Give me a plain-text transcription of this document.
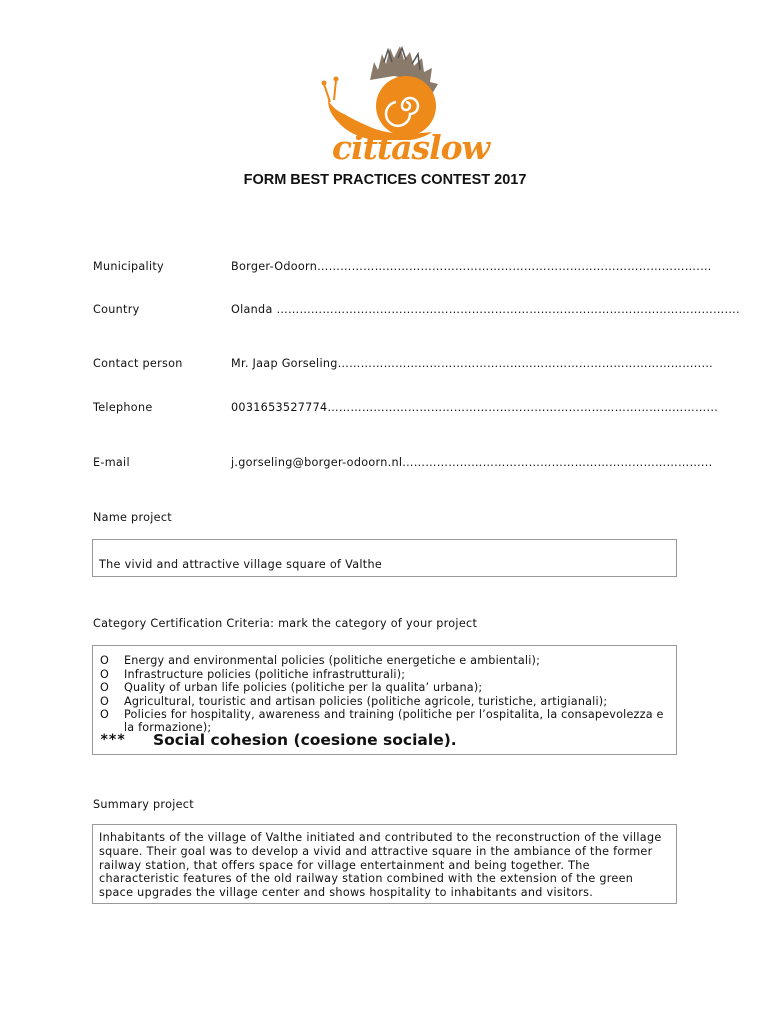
cittaslow
FORM BEST PRACTICES CONTEST 2017
Municipality	Borger-Odoorn……………………………………………………………………………………….…
Country	Olanda ………………………………………………………………………………………………………….
Contact person	Mr. Jaap Gorseling…………………………………………………………………………………..…
Telephone	0031653527774………………………………………………………………………………………...
E-mail	j.gorseling@borger-odoorn.nl……………………………………………………………………...
Name project
The vivid and attractive village square of Valthe
Category Certification Criteria: mark the category of your project
O Energy and environmental policies (politiche energetiche e ambientali);
O Infrastructure policies (politiche infrastrutturali);
O Quality of urban life policies (politiche per la qualita’ urbana);
O Agricultural, touristic and artisan policies (politiche agricole, turistiche, artigianali);
O Policies for hospitality, awareness and training (politiche per l’ospitalita, la consapevolezza e la formazione);
*** Social cohesion (coesione sociale).
Summary project
Inhabitants of the village of Valthe initiated and contributed to the reconstruction of the village square. Their goal was to develop a vivid and attractive square in the ambiance of the former railway station, that offers space for village entertainment and being together. The characteristic features of the old railway station combined with the extension of the green space upgrades the village center and shows hospitality to inhabitants and visitors.
